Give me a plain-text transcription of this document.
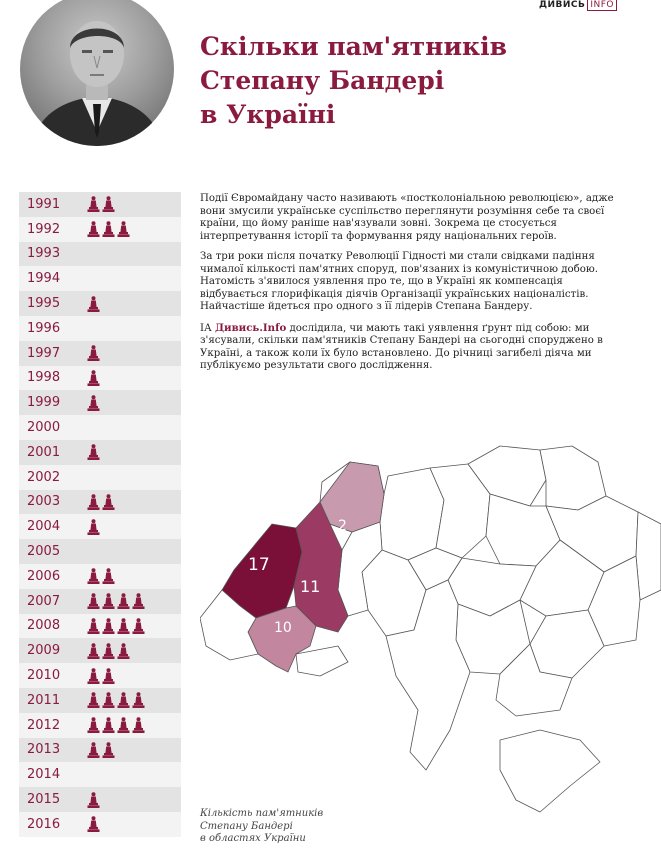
ДИВИСЬ INFO
Скільки пам'ятників
Степану Бандері
в Україні
1991
1992
1993
1994
1995
1996
1997
1998
1999
2000
2001
2002
2003
2004
2005
2006
2007
2008
2009
2010
2011
2012
2013
2014
2015
2016

Події Євромайдану часто називають «постколоніальною революцією», адже вони змусили українське суспільство переглянути розуміння себе та своєї країни, що йому раніше нав'язували зовні. Зокрема це стосується інтерпретування історії та формування ряду національних героїв.

За три роки після початку Революції Гідності ми стали свідками падіння чималої кількості пам'ятних споруд, пов'язаних із комуністичною добою. Натомість з'явилося уявлення про те, що в Україні як компенсація відбувається глорифікація діячів Організації українських націоналістів. Найчастіше йдеться про одного з її лідерів Степана Бандеру.

ІА Дивись.Info дослідила, чи мають такі уявлення ґрунт під собою: ми з'ясували, скільки пам'ятників Степану Бандері на сьогодні споруджено в Україні, а також коли їх було встановлено. До річниці загибелі діяча ми публікуємо результати свого дослідження.

17
11
10
2
Кількість пам'ятників
Степану Бандері
в областях України
